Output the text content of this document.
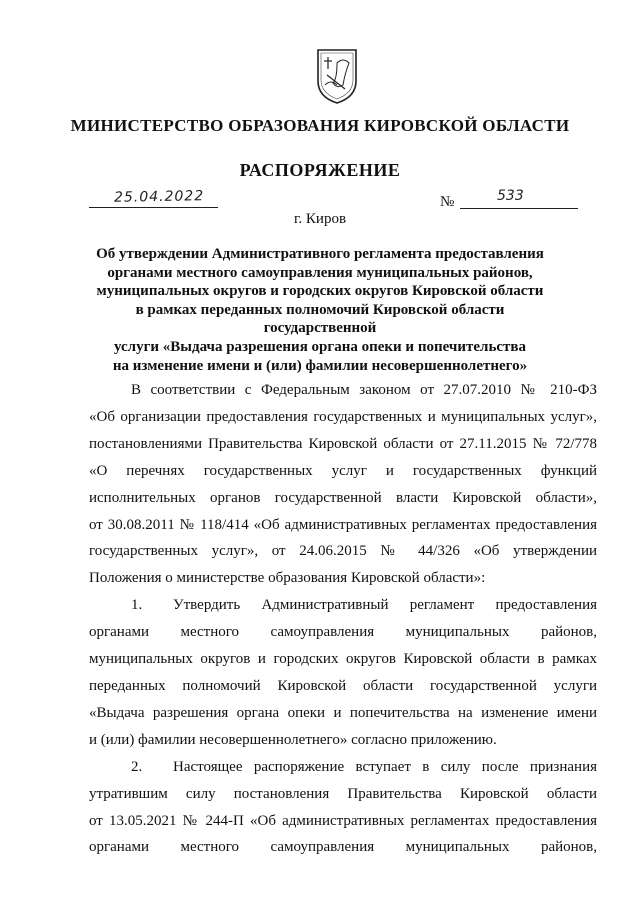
МИНИСТЕРСТВО ОБРАЗОВАНИЯ КИРОВСКОЙ ОБЛАСТИ
РАСПОРЯЖЕНИЕ
25.04.2022	№	533
г. Киров
Об утверждении Административного регламента предоставления
органами местного самоуправления муниципальных районов,
муниципальных округов и городских округов Кировской области
в рамках переданных полномочий Кировской области государственной
услуги «Выдача разрешения органа опеки и попечительства
на изменение имени и (или) фамилии несовершеннолетнего»

В соответствии с Федеральным законом от 27.07.2010 № 210-ФЗ

«Об организации предоставления государственных и муниципальных услуг»,

постановлениями Правительства Кировской области от 27.11.2015 № 72/778

«О перечнях государственных услуг и государственных функций

исполнительных органов государственной власти Кировской области»,

от 30.08.2011 № 118/414 «Об административных регламентах предоставления

государственных услуг», от 24.06.2015 № 44/326 «Об утверждении

Положения о министерстве образования Кировской области»:

1. Утвердить Административный регламент предоставления

органами местного самоуправления муниципальных районов,

муниципальных округов и городских округов Кировской области в рамках

переданных полномочий Кировской области государственной услуги

«Выдача разрешения органа опеки и попечительства на изменение имени

и (или) фамилии несовершеннолетнего» согласно приложению.

2. Настоящее распоряжение вступает в силу после признания

утратившим силу постановления Правительства Кировской области

от 13.05.2021 № 244-П «Об административных регламентах предоставления

органами местного самоуправления муниципальных районов,
